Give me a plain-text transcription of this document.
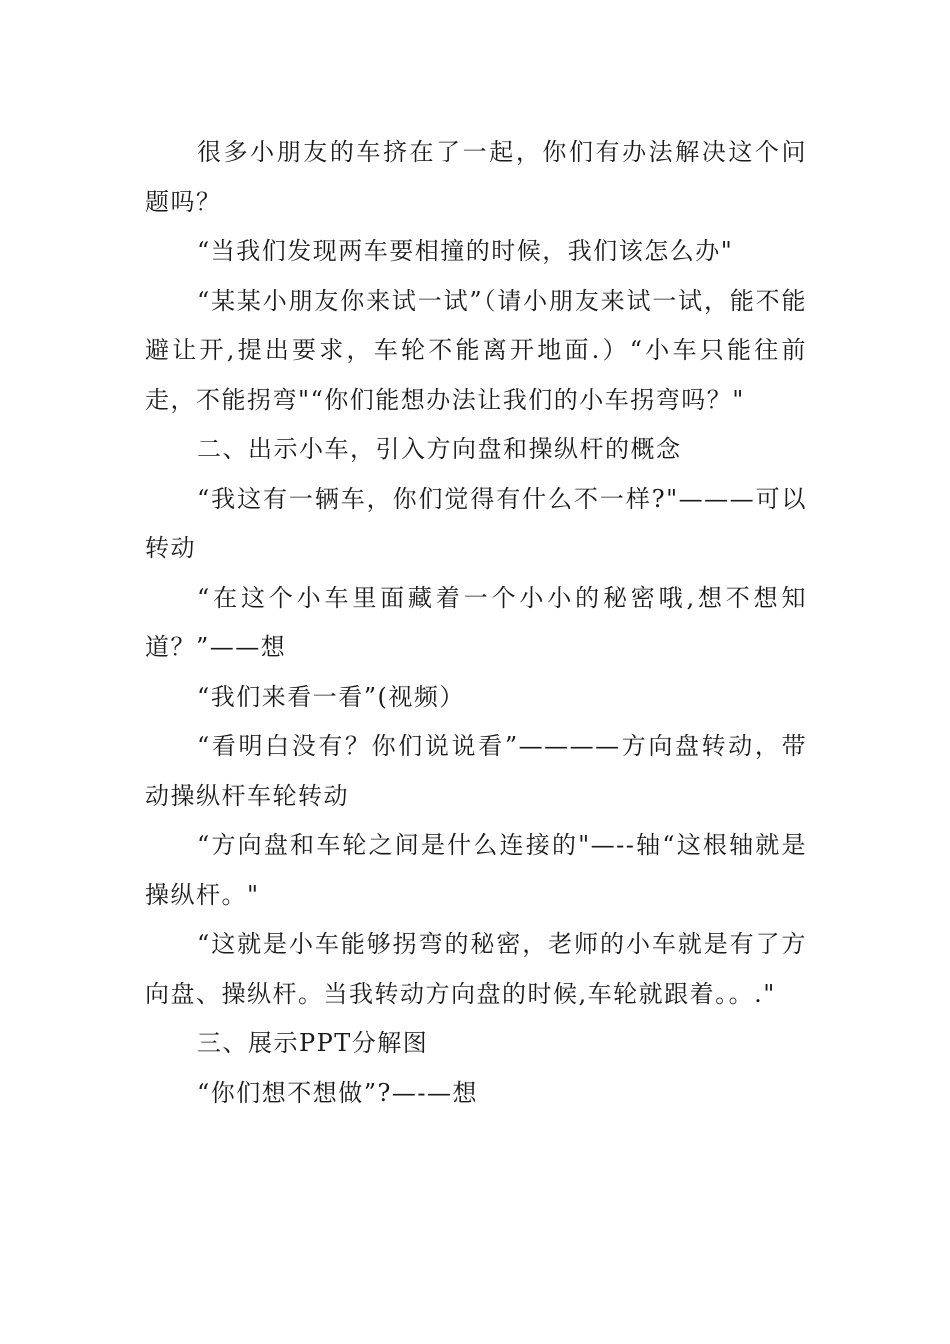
很多小朋友的车挤在了一起，你们有办法解决这个问题吗？

“当我们发现两车要相撞的时候，我们该怎么办"

“某某小朋友你来试一试”（请小朋友来试一试，能不能避让开,提出要求，车轮不能离开地面.）“小车只能往前走，不能拐弯"“你们能想办法让我们的小车拐弯吗？"

二、出示小车，引入方向盘和操纵杆的概念

“我这有一辆车，你们觉得有什么不一样?"———可以转动

“在这个小车里面藏着一个小小的秘密哦,想不想知道？”——想

“我们来看一看”(视频）

“看明白没有？你们说说看”————方向盘转动，带动操纵杆车轮转动

“方向盘和车轮之间是什么连接的"—--轴“这根轴就是操纵杆。"

“这就是小车能够拐弯的秘密，老师的小车就是有了方向盘、操纵杆。当我转动方向盘的时候,车轮就跟着。。."

三、展示PPT分解图

“你们想不想做”?—-—想
